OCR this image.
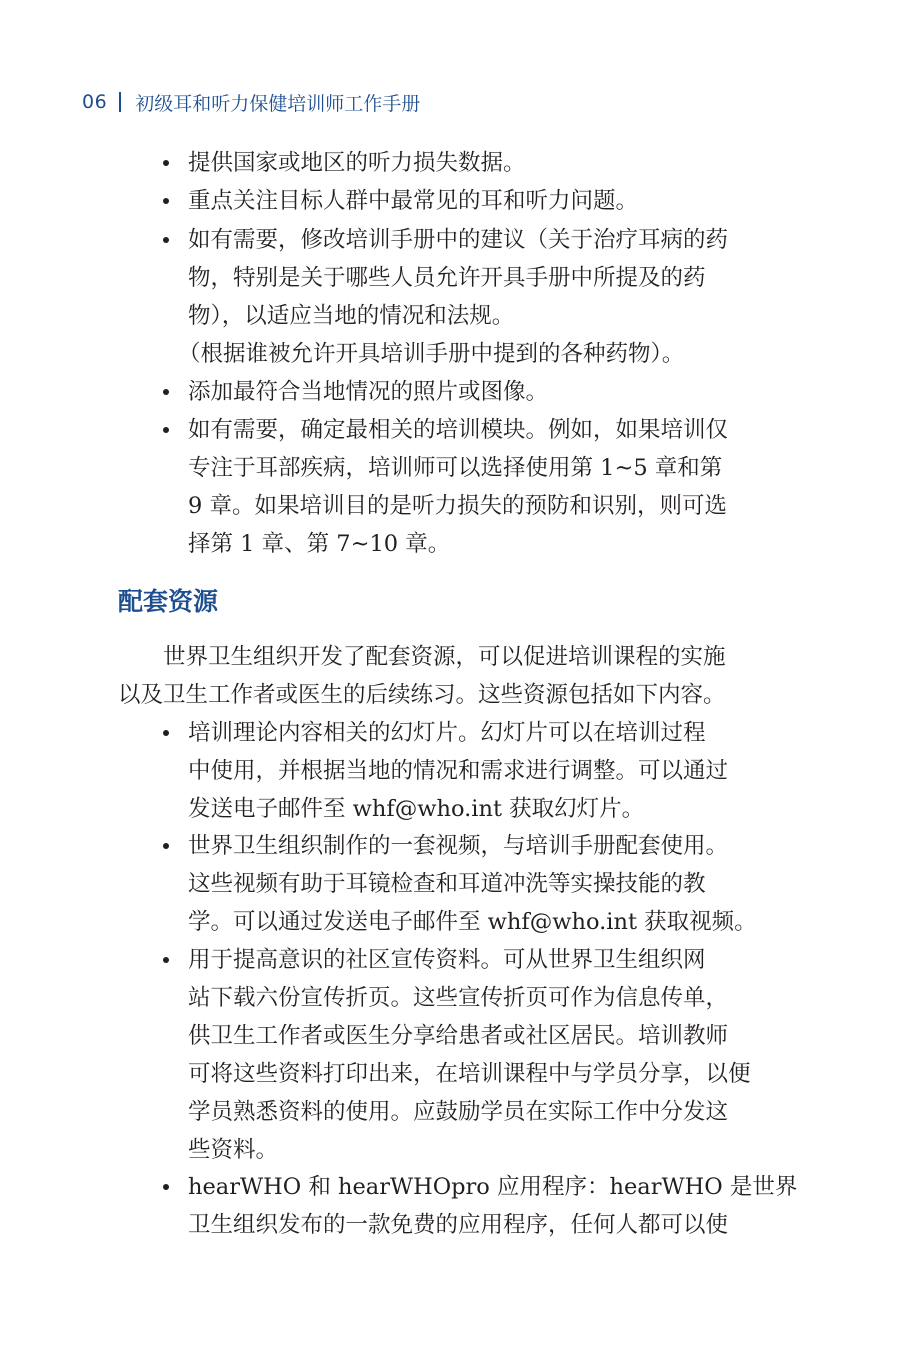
06 初级耳和听力保健培训师工作手册
提供国家或地区的听力损失数据。
重点关注目标人群中最常见的耳和听力问题。
如有需要，修改培训手册中的建议（关于治疗耳病的药
物，特别是关于哪些人员允许开具手册中所提及的药
物），以适应当地的情况和法规。
（根据谁被允许开具培训手册中提到的各种药物）。
添加最符合当地情况的照片或图像。
如有需要，确定最相关的培训模块。例如，如果培训仅
专注于耳部疾病，培训师可以选择使用第 1~5 章和第
9 章。如果培训目的是听力损失的预防和识别，则可选
择第 1 章、第 7~10 章。
配套资源
世界卫生组织开发了配套资源，可以促进培训课程的实施
以及卫生工作者或医生的后续练习。这些资源包括如下内容。
培训理论内容相关的幻灯片。幻灯片可以在培训过程
中使用，并根据当地的情况和需求进行调整。可以通过
发送电子邮件至 whf@who.int 获取幻灯片。
世界卫生组织制作的一套视频，与培训手册配套使用。
这些视频有助于耳镜检查和耳道冲洗等实操技能的教
学。可以通过发送电子邮件至 whf@who.int 获取视频。
用于提高意识的社区宣传资料。可从世界卫生组织网
站下载六份宣传折页。这些宣传折页可作为信息传单，
供卫生工作者或医生分享给患者或社区居民。培训教师
可将这些资料打印出来，在培训课程中与学员分享，以便
学员熟悉资料的使用。应鼓励学员在实际工作中分发这
些资料。
hearWHO 和 hearWHOpro 应用程序：hearWHO 是世界
卫生组织发布的一款免费的应用程序，任何人都可以使
